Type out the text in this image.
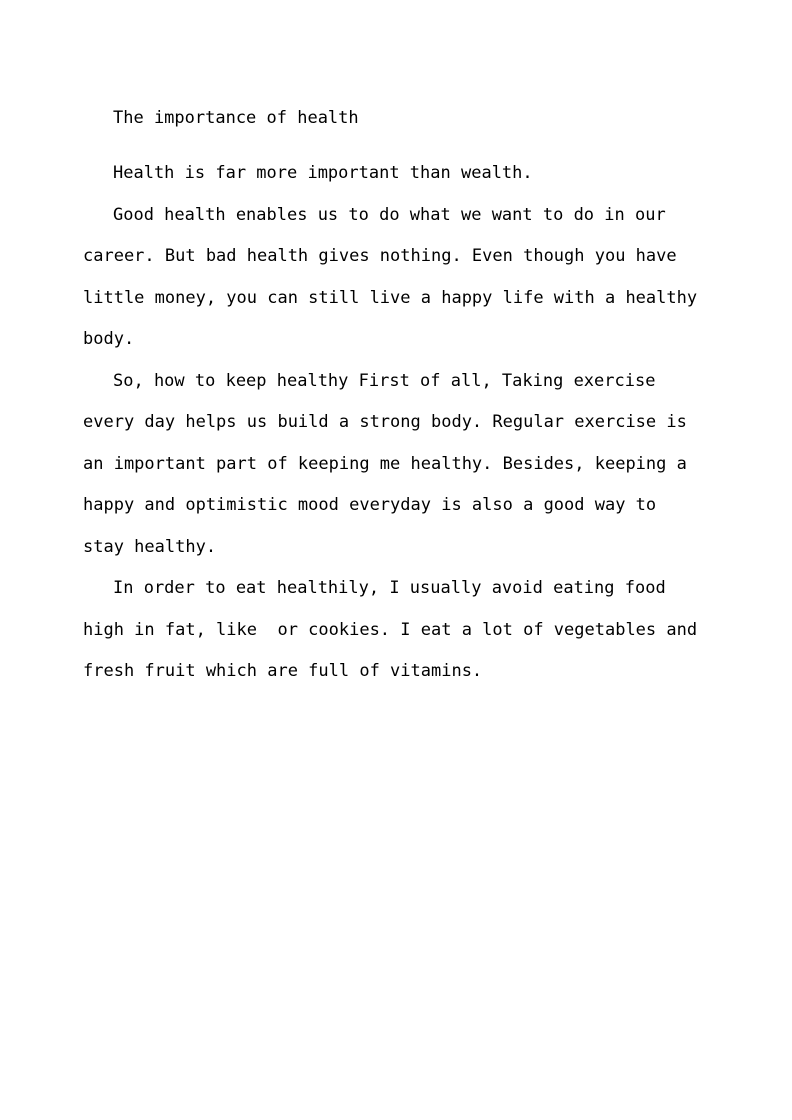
The importance of health

Health is far more important than wealth.

Good health enables us to do what we want to do in our
career. But bad health gives nothing. Even though you have
little money, you can still live a happy life with a healthy
body.

So, how to keep healthy First of all, Taking exercise
every day helps us build a strong body. Regular exercise is
an important part of keeping me healthy. Besides, keeping a
happy and optimistic mood everyday is also a good way to
stay healthy.

In order to eat healthily, I usually avoid eating food
high in fat, like  or cookies. I eat a lot of vegetables and
fresh fruit which are full of vitamins.
